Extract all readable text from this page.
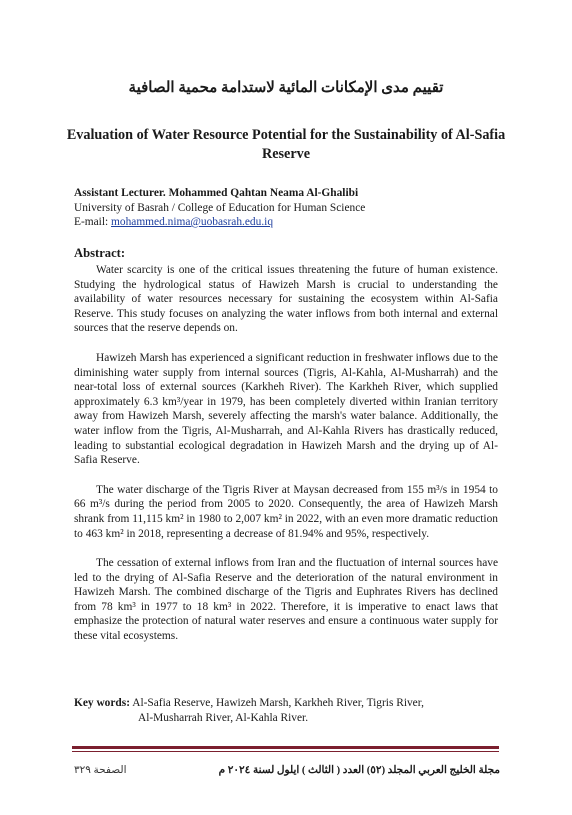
تقييم مدى الإمكانات المائية لاستدامة محمية الصافية
Evaluation of Water Resource Potential for the Sustainability of Al-Safia Reserve
Assistant Lecturer. Mohammed Qahtan Neama Al-Ghalibi
University of Basrah / College of Education for Human Science
E-mail: mohammed.nima@uobasrah.edu.iq
Abstract:

Water scarcity is one of the critical issues threatening the future of human existence. Studying the hydrological status of Hawizeh Marsh is crucial to understanding the availability of water resources necessary for sustaining the ecosystem within Al-Safia Reserve. This study focuses on analyzing the water inflows from both internal and external sources that the reserve depends on.

Hawizeh Marsh has experienced a significant reduction in freshwater inflows due to the diminishing water supply from internal sources (Tigris, Al-Kahla, Al-Musharrah) and the near-total loss of external sources (Karkheh River). The Karkheh River, which supplied approximately 6.3 km³/year in 1979, has been completely diverted within Iranian territory away from Hawizeh Marsh, severely affecting the marsh's water balance. Additionally, the water inflow from the Tigris, Al-Musharrah, and Al-Kahla Rivers has drastically reduced, leading to substantial ecological degradation in Hawizeh Marsh and the drying up of Al-Safia Reserve.

The water discharge of the Tigris River at Maysan decreased from 155 m³/s in 1954 to 66 m³/s during the period from 2005 to 2020. Consequently, the area of Hawizeh Marsh shrank from 11,115 km² in 1980 to 2,007 km² in 2022, with an even more dramatic reduction to 463 km² in 2018, representing a decrease of 81.94% and 95%, respectively.

The cessation of external inflows from Iran and the fluctuation of internal sources have led to the drying of Al-Safia Reserve and the deterioration of the natural environment in Hawizeh Marsh. The combined discharge of the Tigris and Euphrates Rivers has declined from 78 km³ in 1977 to 18 km³ in 2022. Therefore, it is imperative to enact laws that emphasize the protection of natural water reserves and ensure a continuous water supply for these vital ecosystems.

Key words: Al-Safia Reserve, Hawizeh Marsh, Karkheh River, Tigris River,
Al-Musharrah River, Al-Kahla River.
مجلة الخليج العربي المجلد (٥٢) العدد ( الثالث ) ايلول لسنة ٢٠٢٤ م
الصفحة ٣٢٩
